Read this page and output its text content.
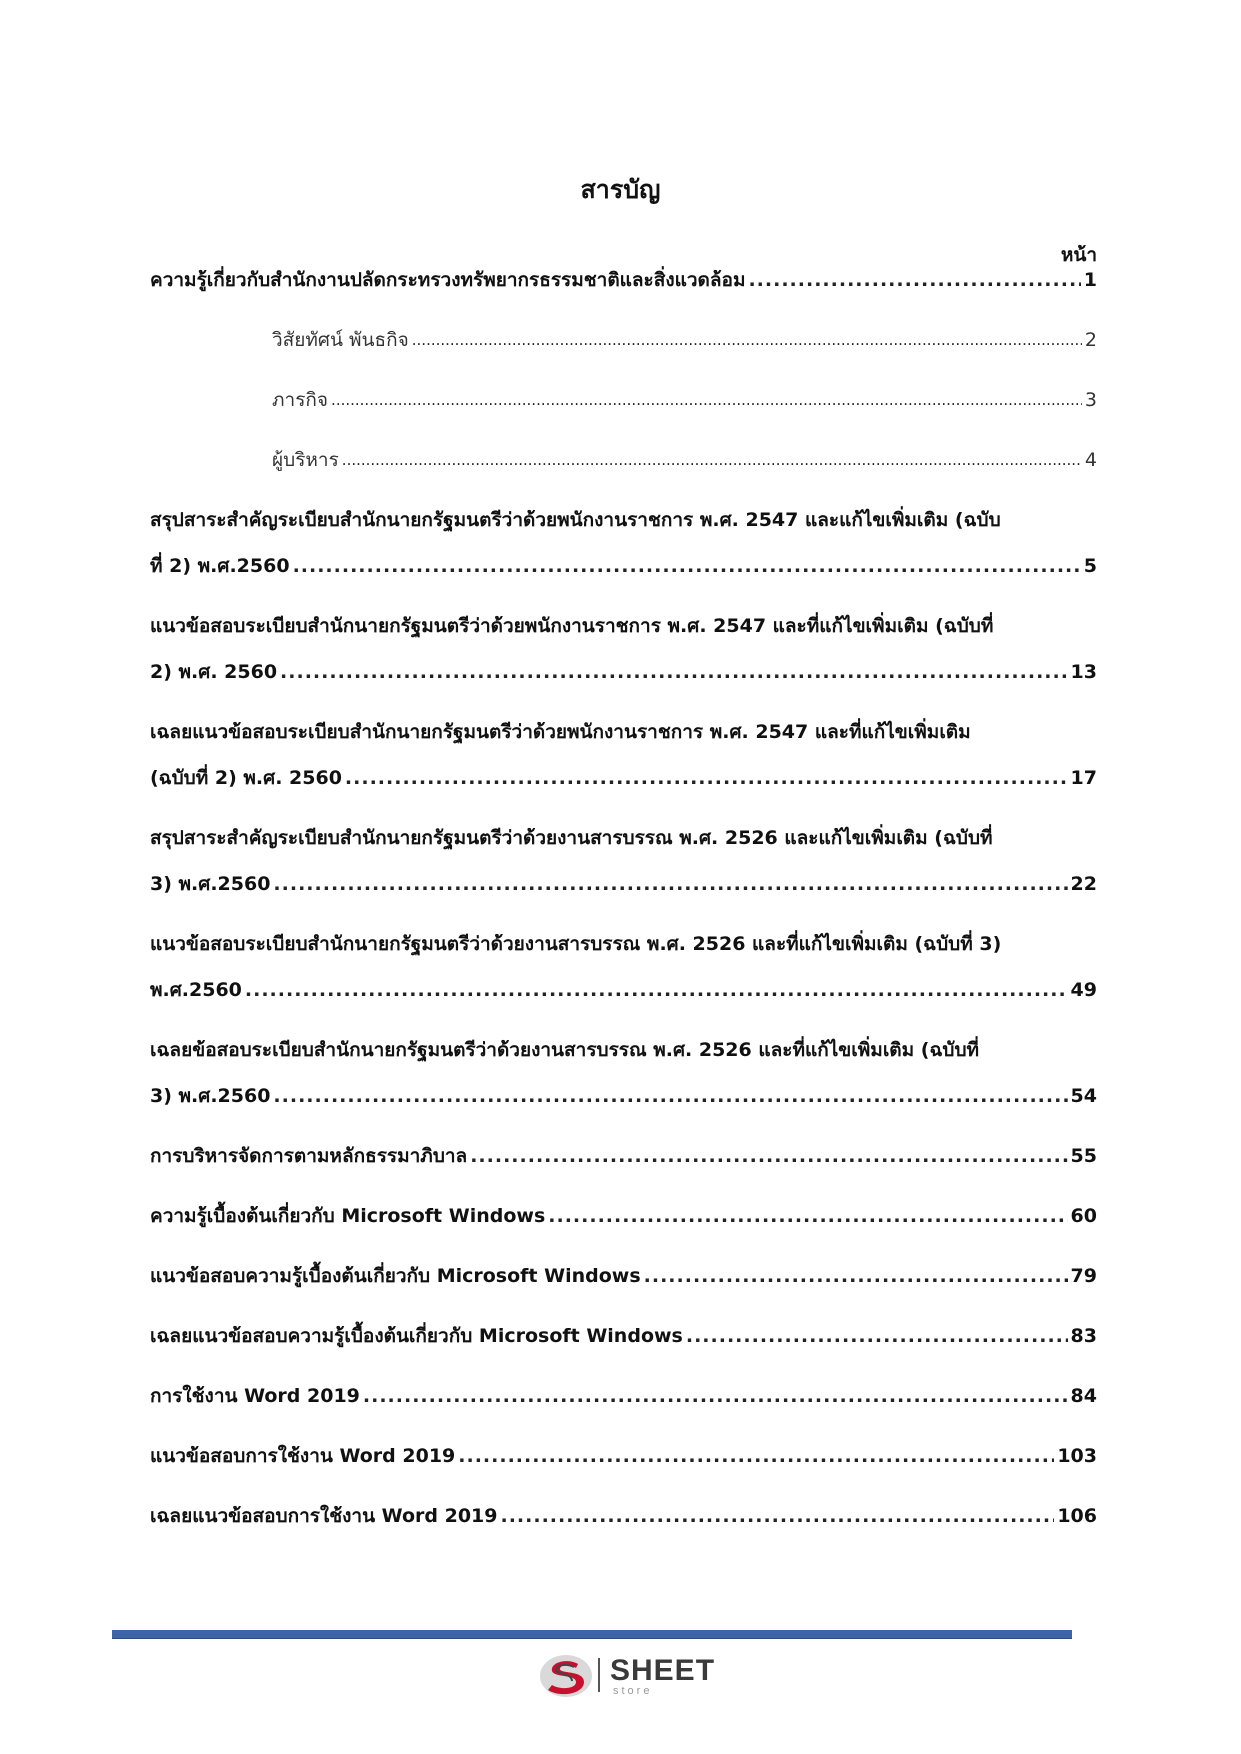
สารบัญ
หน้า
ความรู้เกี่ยวกับสำนักงานปลัดกระทรวงทรัพยากรธรรมชาติและสิ่งแวดล้อม .....	1
วิสัยทัศน์ พันธกิจ .....	2
ภารกิจ .....	3
ผู้บริหาร .....	4
สรุปสาระสำคัญระเบียบสำนักนายกรัฐมนตรีว่าด้วยพนักงานราชการ พ.ศ. 2547 และแก้ไขเพิ่มเติม (ฉบับ
ที่ 2) พ.ศ.2560 .....	5
แนวข้อสอบระเบียบสำนักนายกรัฐมนตรีว่าด้วยพนักงานราชการ พ.ศ. 2547 และที่แก้ไขเพิ่มเติม (ฉบับที่
2) พ.ศ. 2560 .....	13
เฉลยแนวข้อสอบระเบียบสำนักนายกรัฐมนตรีว่าด้วยพนักงานราชการ พ.ศ. 2547 และที่แก้ไขเพิ่มเติม
(ฉบับที่ 2) พ.ศ. 2560 .....	17
สรุปสาระสำคัญระเบียบสำนักนายกรัฐมนตรีว่าด้วยงานสารบรรณ พ.ศ. 2526 และแก้ไขเพิ่มเติม (ฉบับที่
3) พ.ศ.2560 .....	22
แนวข้อสอบระเบียบสำนักนายกรัฐมนตรีว่าด้วยงานสารบรรณ พ.ศ. 2526 และที่แก้ไขเพิ่มเติม (ฉบับที่ 3)
พ.ศ.2560 .....	49
เฉลยข้อสอบระเบียบสำนักนายกรัฐมนตรีว่าด้วยงานสารบรรณ พ.ศ. 2526 และที่แก้ไขเพิ่มเติม (ฉบับที่
3) พ.ศ.2560 .....	54
การบริหารจัดการตามหลักธรรมาภิบาล .....	55
ความรู้เบื้องต้นเกี่ยวกับ Microsoft Windows .....	60
แนวข้อสอบความรู้เบื้องต้นเกี่ยวกับ Microsoft Windows .....	79
เฉลยแนวข้อสอบความรู้เบื้องต้นเกี่ยวกับ Microsoft Windows .....	83
การใช้งาน Word 2019 .....	84
แนวข้อสอบการใช้งาน Word 2019 .....	103
เฉลยแนวข้อสอบการใช้งาน Word 2019 .....	106
SHEET
store
